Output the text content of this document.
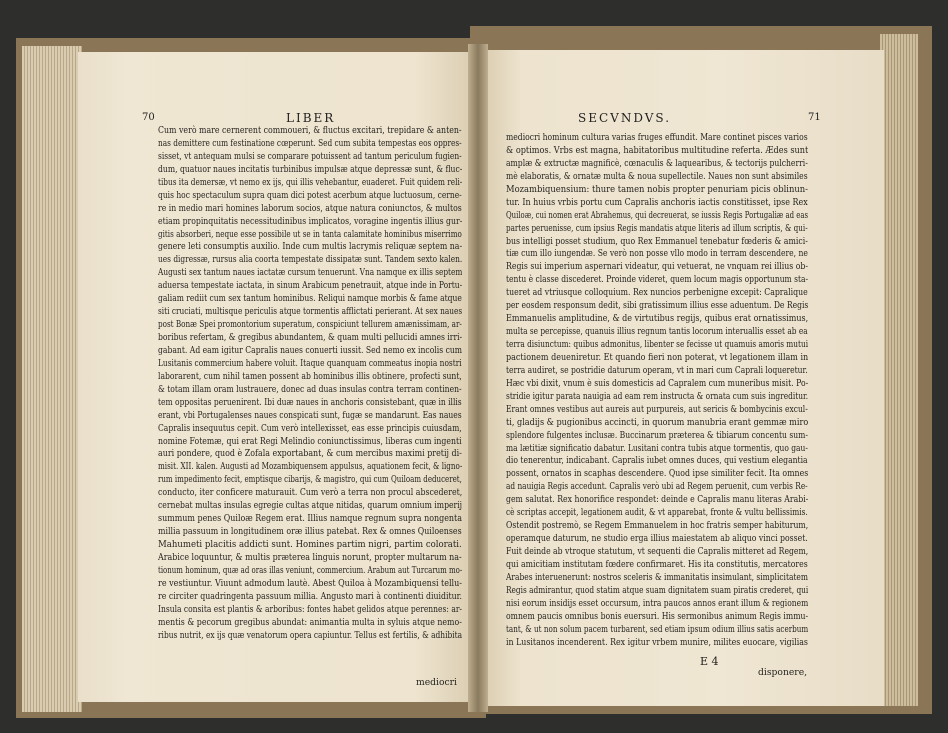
70	LIBER
Cum verò mare cernerent commoueri, & fluctus excitari, trepidare & anten-
nas demittere cum festinatione cœperunt. Sed cum subita tempestas eos oppres-
sisset, vt antequam mulsi se comparare potuissent ad tantum periculum fugien-
dum, quatuor naues incitatis turbinibus impulsæ atque depressæ sunt, & fluc-
tibus ita demersæ, vt nemo ex ijs, qui illis vehebantur, euaderet. Fuit quidem reli-
quis hoc spectaculum supra quam dici potest acerbum atque luctuosum, cerne-
re in medio mari homines laborum socios, atque natura coniunctos, & multos
etiam propinquitatis necessitudinibus implicatos, voragine ingentis illius gur-
gitis absorberi, neque esse possibile ut se in tanta calamitate hominibus miserrimo
genere leti consumptis auxilio. Inde cum multis lacrymis reliquæ septem na-
ues digressæ, rursus alia coorta tempestate dissipatæ sunt. Tandem sexto kalen.
Augusti sex tantum naues iactatæ cursum tenuerunt. Vna namque ex illis septem
aduersa tempestate iactata, in sinum Arabicum penetrauit, atque inde in Portu-
galiam rediit cum sex tantum hominibus. Reliqui namque morbis & fame atque
siti cruciati, multisque periculis atque tormentis afflictati perierant. At sex naues
post Bonæ Spei promontorium superatum, conspiciunt tellurem amænissimam, ar-
boribus refertam, & gregibus abundantem, & quam multi pellucidi amnes irri-
gabant. Ad eam igitur Capralis naues conuerti iussit. Sed nemo ex incolis cum
Lusitanis commercium habere voluit. Itaque quanquam commeatus inopia nostri
laborarent, cum nihil tamen possent ab hominibus illis obtinere, profecti sunt,
& totam illam oram lustrauere, donec ad duas insulas contra terram continen-
tem oppositas peruenirent. Ibi duæ naues in anchoris consistebant, quæ in illis
erant, vbi Portugalenses naues conspicati sunt, fugæ se mandarunt. Eas naues
Capralis insequutus cepit. Cum verò intellexisset, eas esse principis cuiusdam,
nomine Fotemæ, qui erat Regi Melindio coniunctissimus, liberas cum ingenti
auri pondere, quod è Zofala exportabant, & cum mercibus maximi pretij di-
misit. XII. kalen. Augusti ad Mozambiquensem appulsus, aquationem fecit, & ligno-
rum impedimento fecit, emptisque cibarijs, & magistro, qui cum Quiloam deduceret,
conducto, iter conficere maturauit. Cum verò a terra non procul abscederet,
cernebat multas insulas egregie cultas atque nitidas, quarum omnium imperij
summum penes Quiloæ Regem erat. Illius namque regnum supra nongenta
millia passuum in longitudinem oræ illius patebat. Rex & omnes Quiloenses
Mahumeti placitis addicti sunt. Homines partim nigri, partim colorati.
Arabice loquuntur, & multis præterea linguis norunt, propter multarum na-
tionum hominum, quæ ad oras illas veniunt, commercium. Arabum aut Turcarum mo-
re vestiuntur. Viuunt admodum lautè. Abest Quiloa à Mozambiquensi tellu-
re circiter quadringenta passuum millia. Angusto mari à continenti diuiditur.
Insula consita est plantis & arboribus: fontes habet gelidos atque perennes: ar-
mentis & pecorum gregibus abundat: animantia multa in syluis atque nemo-
ribus nutrit, ex ijs quæ venatorum opera capiuntur. Tellus est fertilis, & adhibita
mediocri
71
SECVNDVS.
mediocri hominum cultura varias fruges effundit. Mare continet pisces varios
& optimos. Vrbs est magna, habitatoribus multitudine referta. Ædes sunt
amplæ & extructæ magnificè, cœnaculis & laquearibus, & tectorijs pulcherri-
mè elaboratis, & ornatæ multa & noua supellectile. Naues non sunt absimiles
Mozambiquensium: thure tamen nobis propter penuriam picis oblinun-
tur. In huius vrbis portu cum Capralis anchoris iactis constitisset, ipse Rex
Quiloæ, cui nomen erat Abrahemus, qui decreuerat, se iussis Regis Portugaliæ ad eas
partes peruenisse, cum ipsius Regis mandatis atque literis ad illum scriptis, & qui-
bus intelligi posset studium, quo Rex Emmanuel tenebatur fœderis & amici-
tiæ cum illo iungendæ. Se verò non posse vllo modo in terram descendere, ne
Regis sui imperium aspernari videatur, qui vetuerat, ne vnquam rei illius ob-
tentu è classe discederet. Proinde videret, quem locum magis opportunum sta-
tueret ad vtriusque colloquium. Rex nuncios perbenigne excepit: Capralique
per eosdem responsum dedit, sibi gratissimum illius esse aduentum. De Regis
Emmanuelis amplitudine, & de virtutibus regijs, quibus erat ornatissimus,
multa se percepisse, quanuis illius regnum tantis locorum interuallis esset ab ea
terra disiunctum: quibus admonitus, libenter se fecisse ut quamuis amoris mutui
pactionem deueniretur. Et quando fieri non poterat, vt legationem illam in
terra audiret, se postridie daturum operam, vt in mari cum Caprali loqueretur.
Hæc vbi dixit, vnum è suis domesticis ad Capralem cum muneribus misit. Po-
stridie igitur parata nauigia ad eam rem instructa & ornata cum suis ingreditur.
Erant omnes vestibus aut aureis aut purpureis, aut sericis & bombycinis excul-
ti, gladijs & pugionibus accincti, in quorum manubria erant gemmæ miro
splendore fulgentes inclusæ. Buccinarum præterea & tibiarum concentu sum-
ma lætitiæ significatio dabatur. Lusitani contra tubis atque tormentis, quo gau-
dio tenerentur, indicabant. Capralis iubet omnes duces, qui vestium elegantia
possent, ornatos in scaphas descendere. Quod ipse similiter fecit. Ita omnes
ad nauigia Regis accedunt. Capralis verò ubi ad Regem peruenit, cum verbis Re-
gem salutat. Rex honorifice respondet: deinde e Capralis manu literas Arabi-
cè scriptas accepit, legationem audit, & vt apparebat, fronte & vultu bellissimis.
Ostendit postremò, se Regem Emmanuelem in hoc fratris semper habiturum,
operamque daturum, ne studio erga illius maiestatem ab aliquo vinci posset.
Fuit deinde ab vtroque statutum, vt sequenti die Capralis mitteret ad Regem,
qui amicitiam institutam fœdere confirmaret. His ita constitutis, mercatores
Arabes interuenerunt: nostros sceleris & immanitatis insimulant, simplicitatem
Regis admirantur, quod statim atque suam dignitatem suam piratis crederet, qui
nisi eorum insidijs esset occursum, intra paucos annos erant illum & regionem
omnem paucis omnibus bonis euersuri. His sermonibus animum Regis immu-
tant, & ut non solum pacem turbarent, sed etiam ipsum odium illius satis acerbum
in Lusitanos incenderent. Rex igitur vrbem munire, milites euocare, vigilias
E 4
disponere,
